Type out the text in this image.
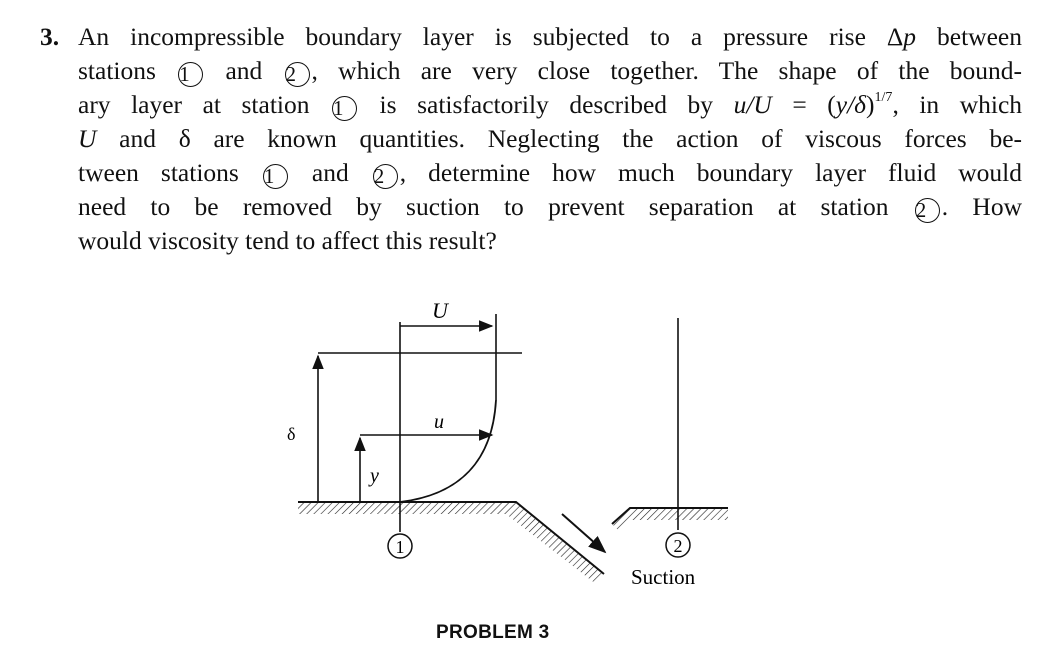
3. An incompressible boundary layer is subjected to a pressure rise Δp between
stations 1 and 2 , which are very close together. The shape of the bound-
ary layer at station 1 is satisfactorily described by $u/U = (y/\delta)^{1/7}$, in which
U and δ are known quantities. Neglecting the action of viscous forces be-
tween stations 1 and 2 , determine how much boundary layer fluid would
need to be removed by suction to prevent separation at station 2 . How
would viscosity tend to affect this result?
U
u
y
δ
1	2
Suction
PROBLEM 3
